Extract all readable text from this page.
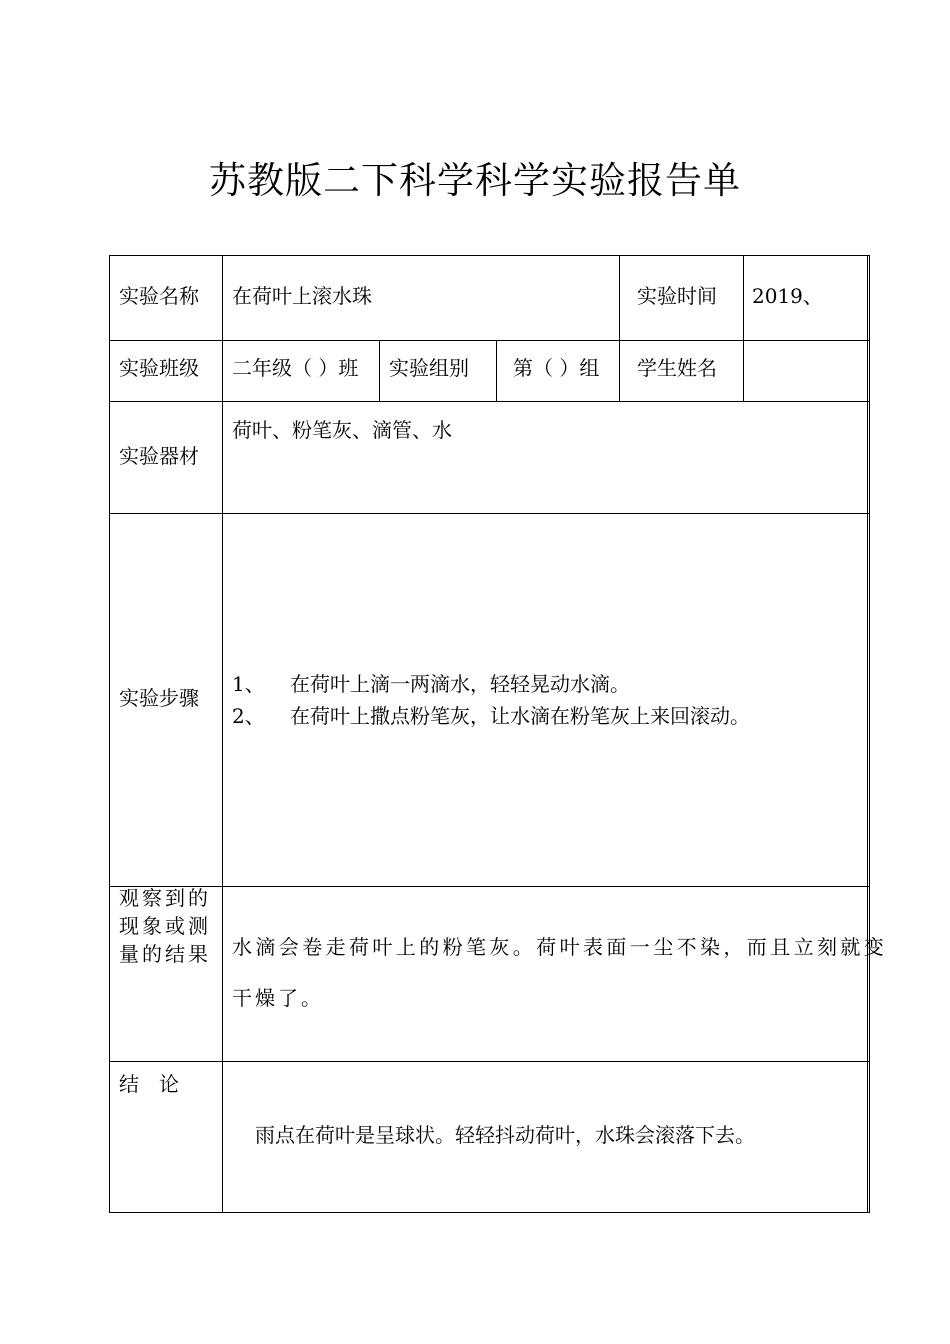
苏教版二下科学科学实验报告单
实验名称 在荷叶上滚水珠	实验时间 2019、
实验班级 二年级（ ）班 实验组别 第（ ）组 学生姓名
实验器材
荷叶、粉笔灰、滴管、水
实验步骤
1、 在荷叶上滴一两滴水，轻轻晃动水滴。
2、 在荷叶上撒点粉笔灰，让水滴在粉笔灰上来回滚动。
观察到的
现象或测
量的结果 水滴会卷走荷叶上的粉笔灰。荷叶表面一尘不染，而且立刻就变
干燥了。
结　论
雨点在荷叶是呈球状。轻轻抖动荷叶，水珠会滚落下去。
